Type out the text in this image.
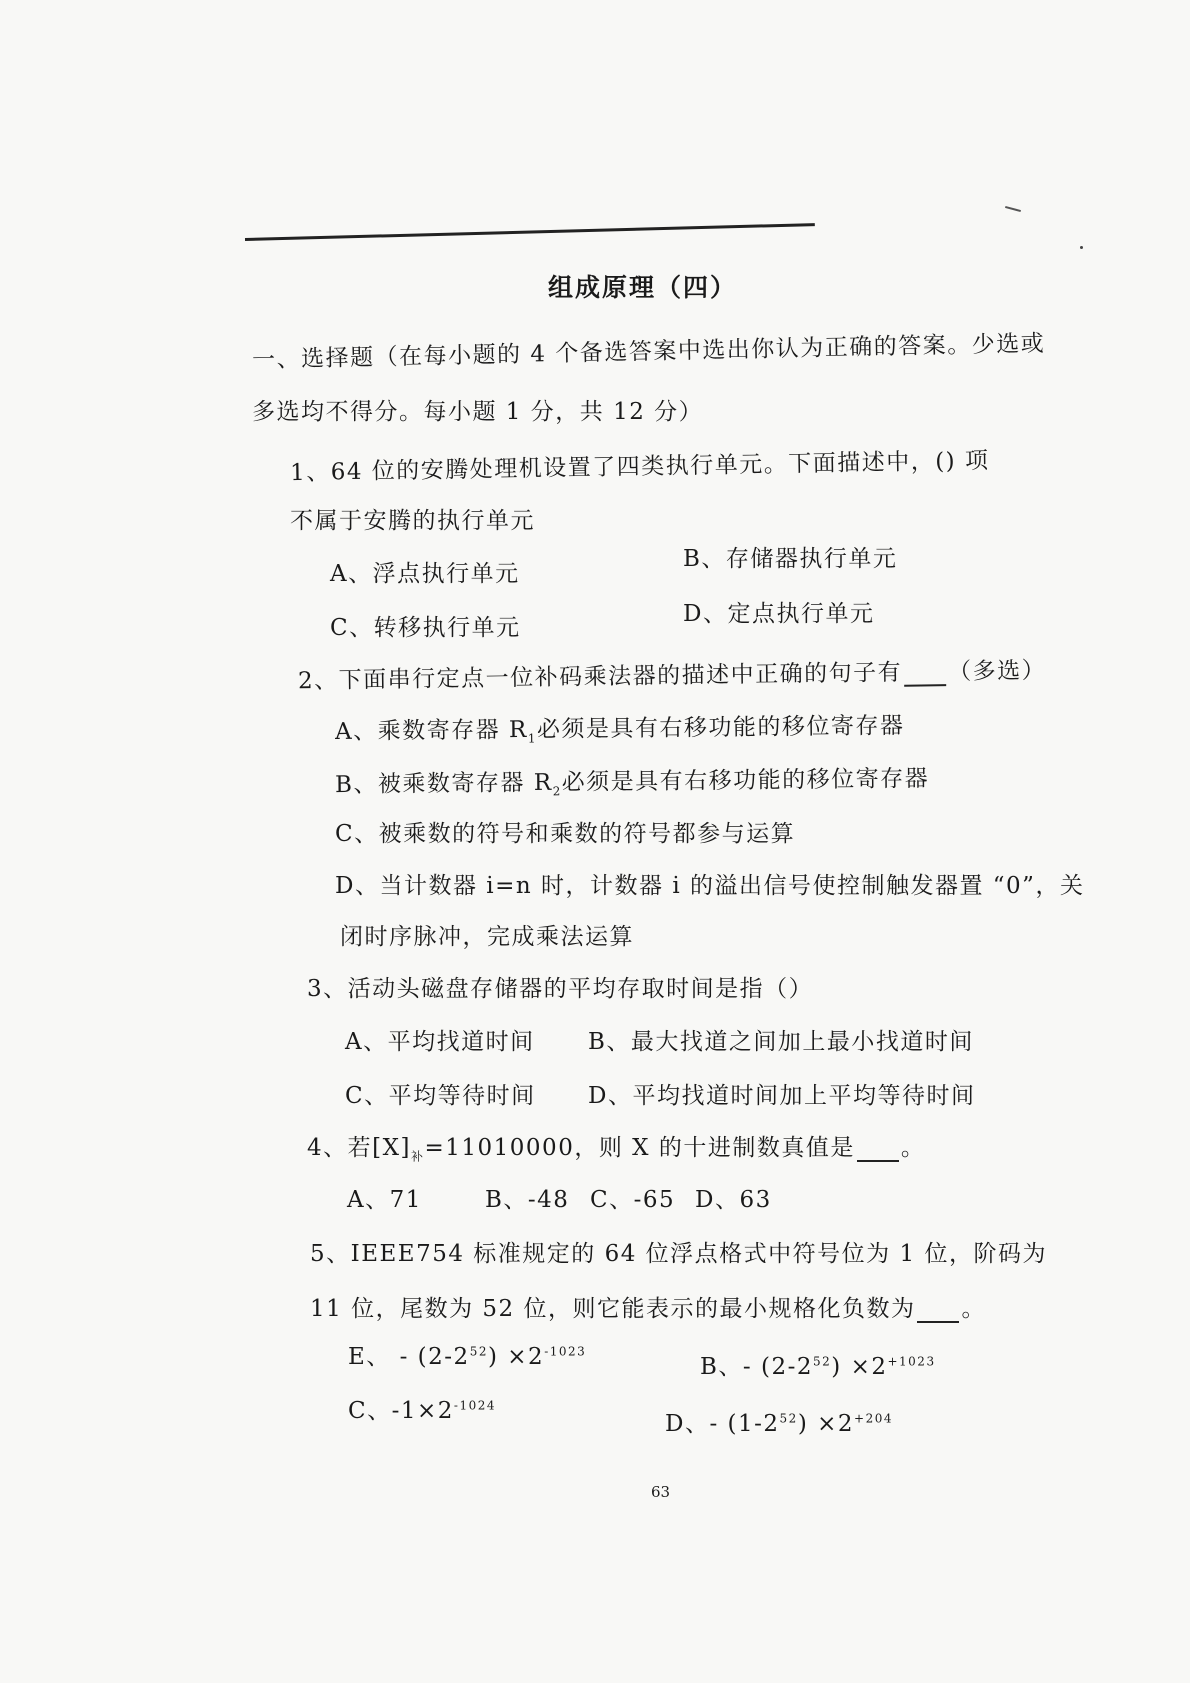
组成原理（四）
一、选择题（在每小题的 4 个备选答案中选出你认为正确的答案。少选或
多选均不得分。每小题 1 分，共 12 分）
1、64 位的安腾处理机设置了四类执行单元。下面描述中，() 项
不属于安腾的执行单元
A、浮点执行单元
B、存储器执行单元
C、转移执行单元
D、定点执行单元
2、下面串行定点一位补码乘法器的描述中正确的句子有 （多选）
A、乘数寄存器 $R_1$必须是具有右移功能的移位寄存器
B、被乘数寄存器 $R_2$必须是具有右移功能的移位寄存器
C、被乘数的符号和乘数的符号都参与运算
D、当计数器 i=n 时，计数器 i 的溢出信号使控制触发器置 “0”，关
闭时序脉冲，完成乘法运算
3、活动头磁盘存储器的平均存取时间是指（）
A、平均找道时间 B、最大找道之间加上最小找道时间
C、平均等待时间 D、平均找道时间加上平均等待时间
4、若$[X]_补=11010000$，则 X 的十进制数真值是 。
A、71	B、-48 C、-65 D、63
5、IEEE754 标准规定的 64 位浮点格式中符号位为 1 位，阶码为
11 位，尾数为 52 位，则它能表示的最小规格化负数为 。
E、 - $(2-2^{52}) \times 2^{-1023}$
B、- $(2-2^{52}) \times 2^{+1023}$
C、$-1\times 2^{-1024}$
D、- $(1-2^{52}) \times 2^{+204}$
63
